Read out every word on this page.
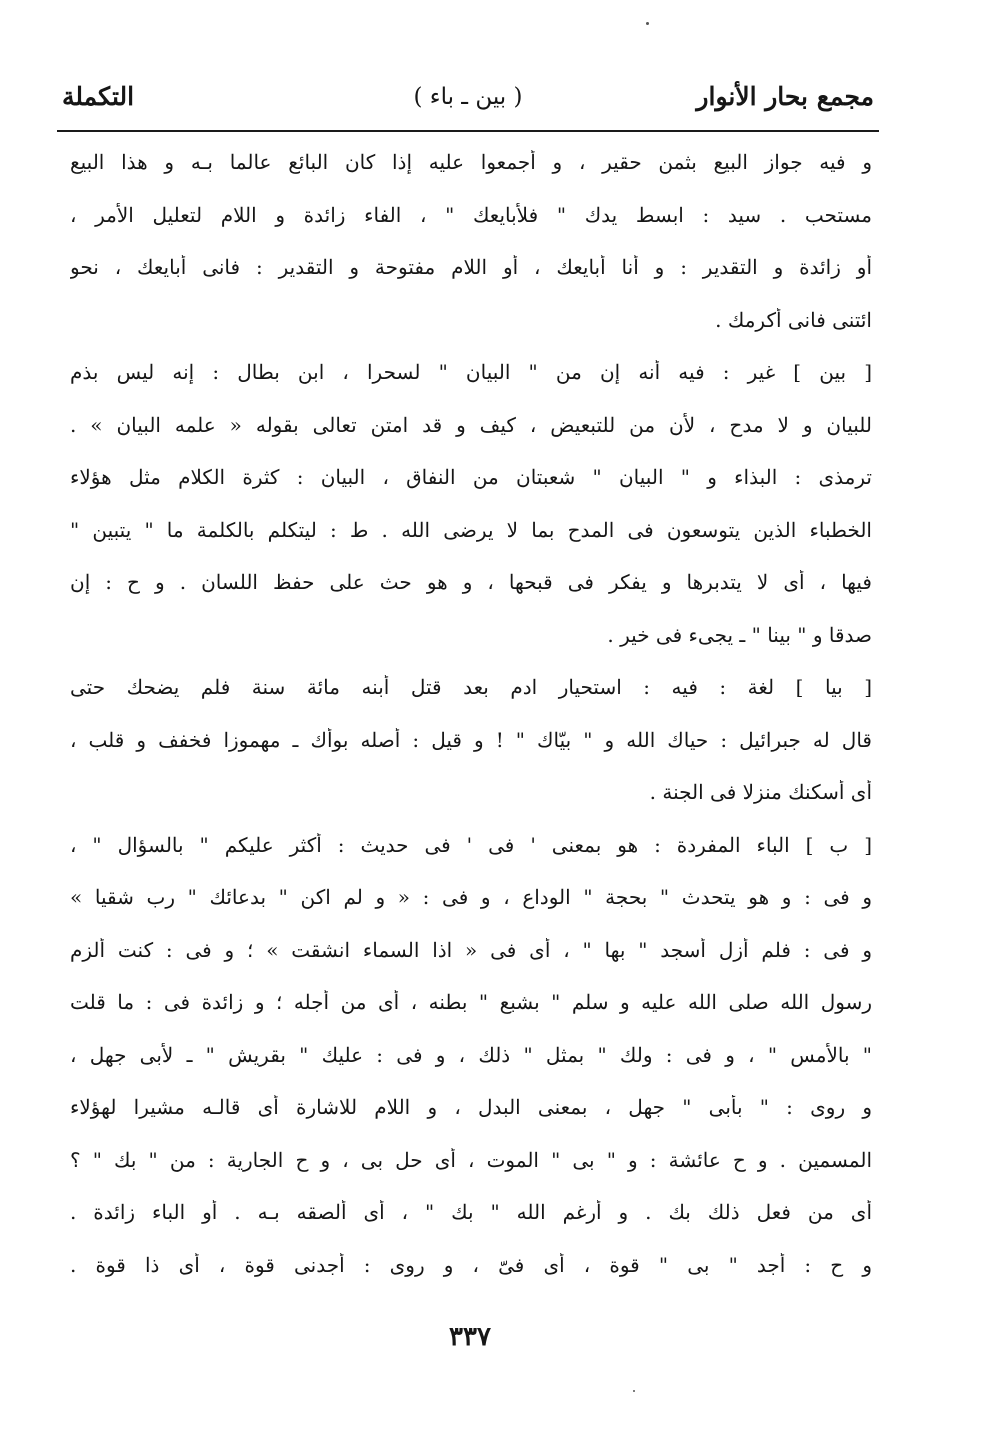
مجمع بحار الأنوار
( بين ـ باء )
التكملة
و فيه جواز البيع بثمن حقير ، و أجمعوا عليه إذا كان البائع عالما بـه و هذا البيع
مستحب . سيد : ابسط يدك " فلأبايعك " ، الفاء زائدة و اللام لتعليل الأمر ،
أو زائدة و التقدير : و أنا أبايعك ، أو اللام مفتوحة و التقدير : فانى أبايعك ، نحو
ائتنى فانى أكرمك .
[ بين ] غير : فيه أنه إن من " البيان " لسحرا ، ابن بطال : إنه ليس بذم
للبيان و لا مدح ، لأن من للتبعيض ، كيف و قد امتن تعالى بقوله « علمه البيان » .
ترمذى : البذاء و " البيان " شعبتان من النفاق ، البيان : كثرة الكلام مثل هؤلاء
الخطباء الذين يتوسعون فى المدح بما لا يرضى الله . ط : ليتكلم بالكلمة ما " يتبين "
فيها ، أى لا يتدبرها و يفكر فى قبحها ، و هو حث على حفظ اللسان . و ح : إن
صدقا و " بينا " ـ يجىء فى خير .
[ بيا ] لغة : فيه : استحيار ادم بعد قتل أبنه مائة سنة فلم يضحك حتى
قال له جبرائيل : حياك الله و " بيّاك " ! و قيل : أصله بوأك ـ مهموزا فخفف و قلب ،
أى أسكنك منزلا فى الجنة .
[ ب ] الباء المفردة : هو بمعنى ' فى ' فى حديث : أكثر عليكم " بالسؤال " ،
و فى : و هو يتحدث " بحجة " الوداع ، و فى : « و لم اكن " بدعائك " رب شقيا »
و فى : فلم أزل أسجد " بها " ، أى فى « اذا السماء انشقت » ؛ و فى : كنت ألزم
رسول الله صلى الله عليه و سلم " بشبع " بطنه ، أى من أجله ؛ و زائدة فى : ما قلت
" بالأمس " ، و فى : ولك " بمثل " ذلك ، و فى : عليك " بقريش " ـ لأبى جهل ،
و روى : " بأبى " جهل ، بمعنى البدل ، و اللام للاشارة أى قالـه مشيرا لهؤلاء
المسمين . و ح عائشة : و " بى " الموت ، أى حل بى ، و ح الجارية : من " بك " ؟
أى من فعل ذلك بك . و أرغم الله " بك " ، أى ألصقه بـه . أو الباء زائدة .
و ح : أجد " بى " قوة ، أى فىّ ، و روى : أجدنى قوة ، أى ذا قوة .
٣٣٧
